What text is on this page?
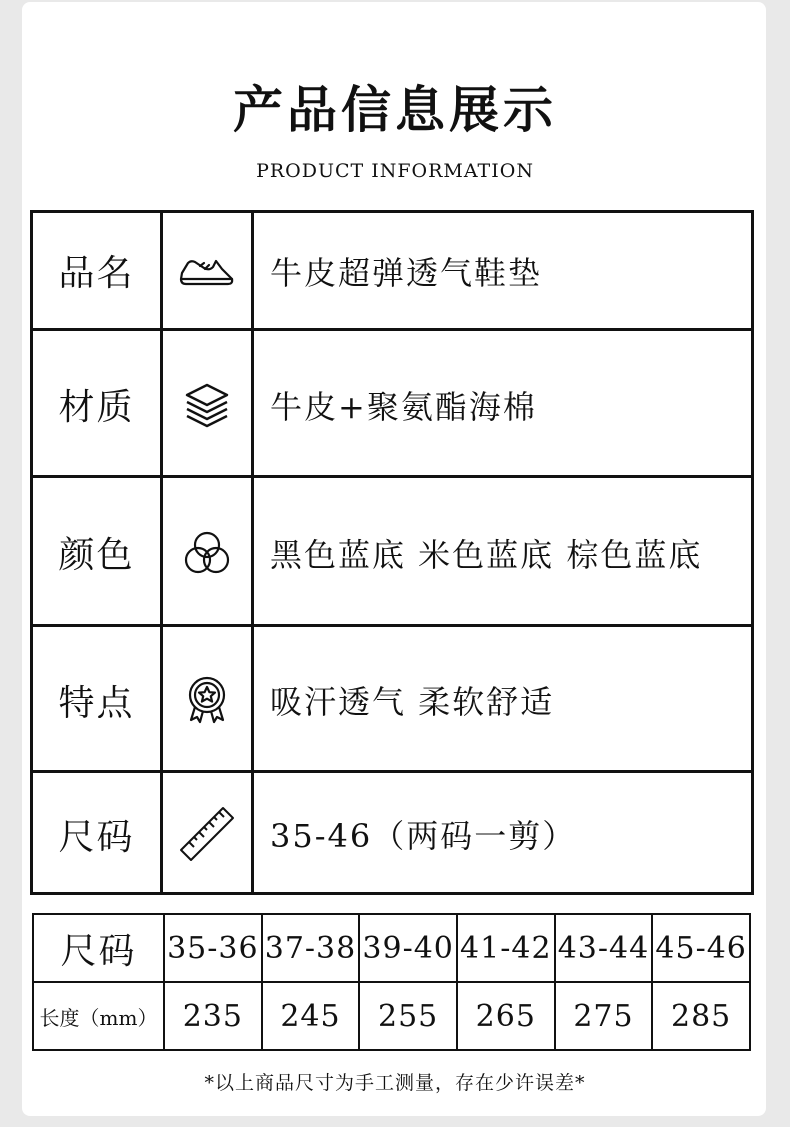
产品信息展示
PRODUCT INFORMATION
品名	牛皮超弹透气鞋垫
材质	牛皮+聚氨酯海棉
颜色	黑色蓝底 米色蓝底 棕色蓝底
特点	吸汗透气 柔软舒适
尺码	35-46（两码一剪）
尺码	35-36	37-38	39-40	41-42	43-44	45-46
长度（mm）	235	245	255	265	275	285
*以上商品尺寸为手工测量，存在少许误差*
